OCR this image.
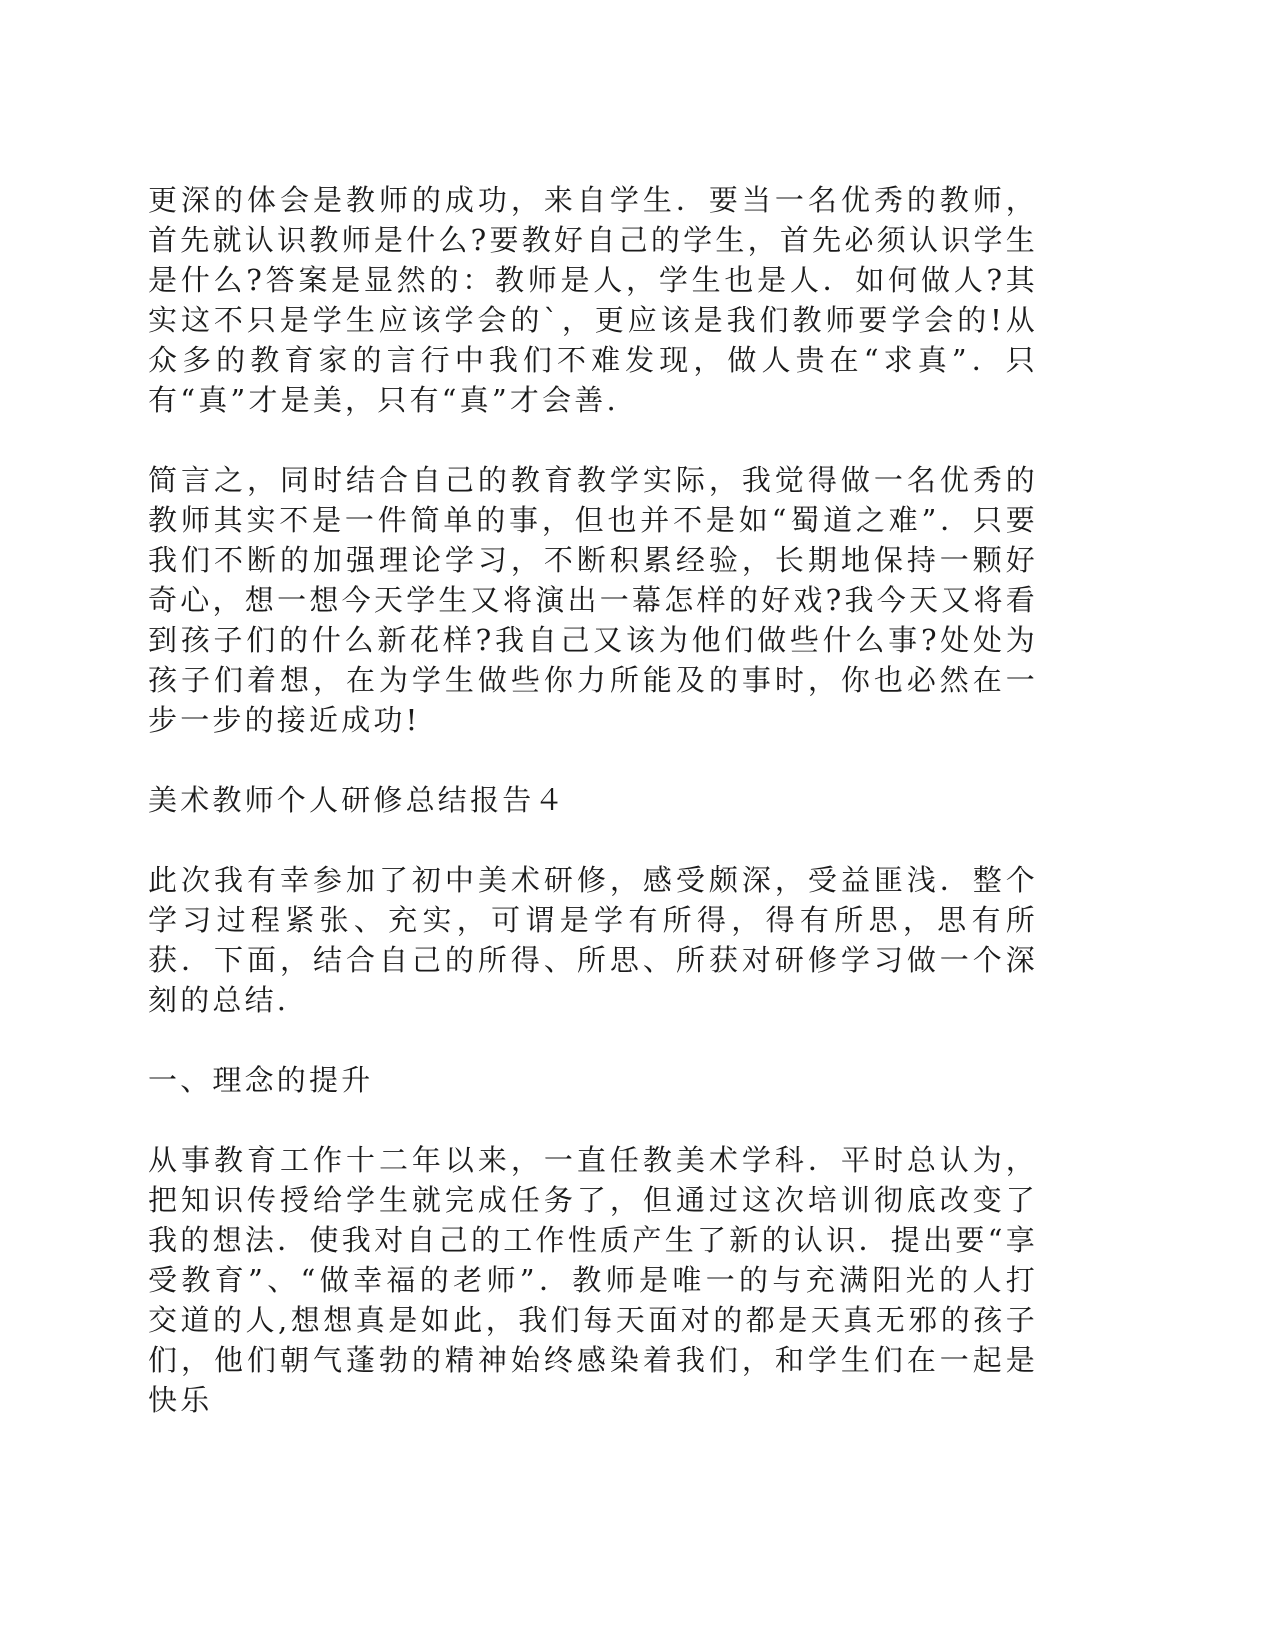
更深的体会是教师的成功，来自学生．要当一名优秀的教师，首先就认识教师是什么?要教好自己的学生，首先必须认识学生是什么?答案是显然的：教师是人，学生也是人．如何做人?其实这不只是学生应该学会的`，更应该是我们教师要学会的!从众多的教育家的言行中我们不难发现，做人贵在“求真”．只有“真”才是美，只有“真”才会善.

简言之，同时结合自己的教育教学实际，我觉得做一名优秀的教师其实不是一件简单的事，但也并不是如“蜀道之难”．只要我们不断的加强理论学习，不断积累经验，长期地保持一颗好奇心，想一想今天学生又将演出一幕怎样的好戏?我今天又将看到孩子们的什么新花样?我自己又该为他们做些什么事?处处为孩子们着想，在为学生做些你力所能及的事时，你也必然在一步一步的接近成功!

美术教师个人研修总结报告４

此次我有幸参加了初中美术研修，感受颇深，受益匪浅．整个学习过程紧张、充实，可谓是学有所得，得有所思，思有所获．下面，结合自己的所得、所思、所获对研修学习做一个深刻的总结.

一、理念的提升

从事教育工作十二年以来，一直任教美术学科．平时总认为，把知识传授给学生就完成任务了，但通过这次培训彻底改变了我的想法．使我对自己的工作性质产生了新的认识．提出要“享受教育”、“做幸福的老师”．教师是唯一的与充满阳光的人打交道的人,想想真是如此，我们每天面对的都是天真无邪的孩子们，他们朝气蓬勃的精神始终感染着我们，和学生们在一起是快乐
